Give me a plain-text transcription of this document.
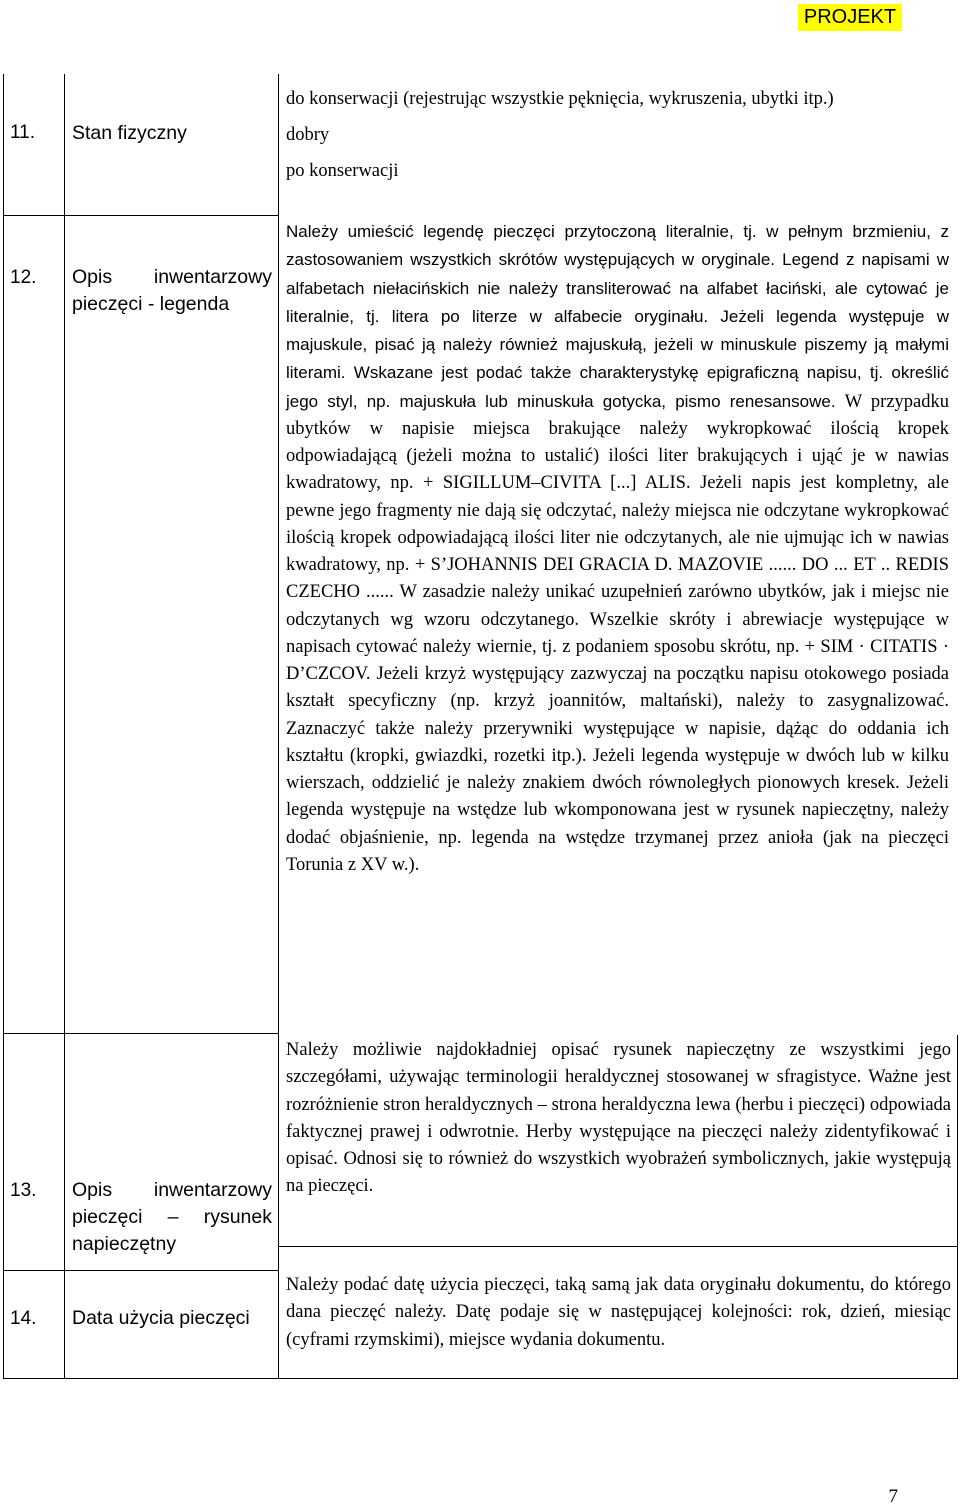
PROJEKT
11. Stan fizyczny
do konserwacji (rejestrując wszystkie pęknięcia, wykruszenia, ubytki itp.)
dobry
po konserwacji
12. Opis inwentarzowy pieczęci - legenda
Należy umieścić legendę pieczęci przytoczoną literalnie, tj. w pełnym brzmieniu, z zastosowaniem wszystkich skrótów występujących w oryginale. Legend z napisami w alfabetach niełacińskich nie należy transliterować na alfabet łaciński, ale cytować je literalnie, tj. litera po literze w alfabecie oryginału. Jeżeli legenda występuje w majuskule, pisać ją należy również majuskułą, jeżeli w minuskule piszemy ją małymi literami. Wskazane jest podać także charakterystykę epigraficzną napisu, tj. określić jego styl, np. majuskuła lub minuskuła gotycka, pismo renesansowe. W przypadku ubytków w napisie miejsca brakujące należy wykropkować ilością kropek odpowiadającą (jeżeli można to ustalić) ilości liter brakujących i ująć je w nawias kwadratowy, np. + SIGILLUM–CIVITA [...] ALIS. Jeżeli napis jest kompletny, ale pewne jego fragmenty nie dają się odczytać, należy miejsca nie odczytane wykropkować ilością kropek odpowiadającą ilości liter nie odczytanych, ale nie ujmując ich w nawias kwadratowy, np. + S’JOHANNIS DEI GRACIA D. MAZOVIE ...... DO ... ET .. REDIS CZECHO ...... W zasadzie należy unikać uzupełnień zarówno ubytków, jak i miejsc nie odczytanych wg wzoru odczytanego. Wszelkie skróty i abrewiacje występujące w napisach cytować należy wiernie, tj. z podaniem sposobu skrótu, np. + SIM · CITATIS · D’CZCOV. Jeżeli krzyż występujący zazwyczaj na początku napisu otokowego posiada kształt specyficzny (np. krzyż joannitów, maltański), należy to zasygnalizować. Zaznaczyć także należy przerywniki występujące w napisie, dążąc do oddania ich kształtu (kropki, gwiazdki, rozetki itp.). Jeżeli legenda występuje w dwóch lub w kilku wierszach, oddzielić je należy znakiem dwóch równoległych pionowych kresek. Jeżeli legenda występuje na wstędze lub wkomponowana jest w rysunek napieczętny, należy dodać objaśnienie, np. legenda na wstędze trzymanej przez anioła (jak na pieczęci Torunia z XV w.).
13. Opis inwentarzowy pieczęci – rysunek napieczętny
Należy możliwie najdokładniej opisać rysunek napieczętny ze wszystkimi jego szczegółami, używając terminologii heraldycznej stosowanej w sfragistyce. Ważne jest rozróżnienie stron heraldycznych – strona heraldyczna lewa (herbu i pieczęci) odpowiada faktycznej prawej i odwrotnie. Herby występujące na pieczęci należy zidentyfikować i opisać. Odnosi się to również do wszystkich wyobrażeń symbolicznych, jakie występują na pieczęci.
14. Data użycia pieczęci
Należy podać datę użycia pieczęci, taką samą jak data oryginału dokumentu, do którego dana pieczęć należy. Datę podaje się w następującej kolejności: rok, dzień, miesiąc (cyframi rzymskimi), miejsce wydania dokumentu.
7
